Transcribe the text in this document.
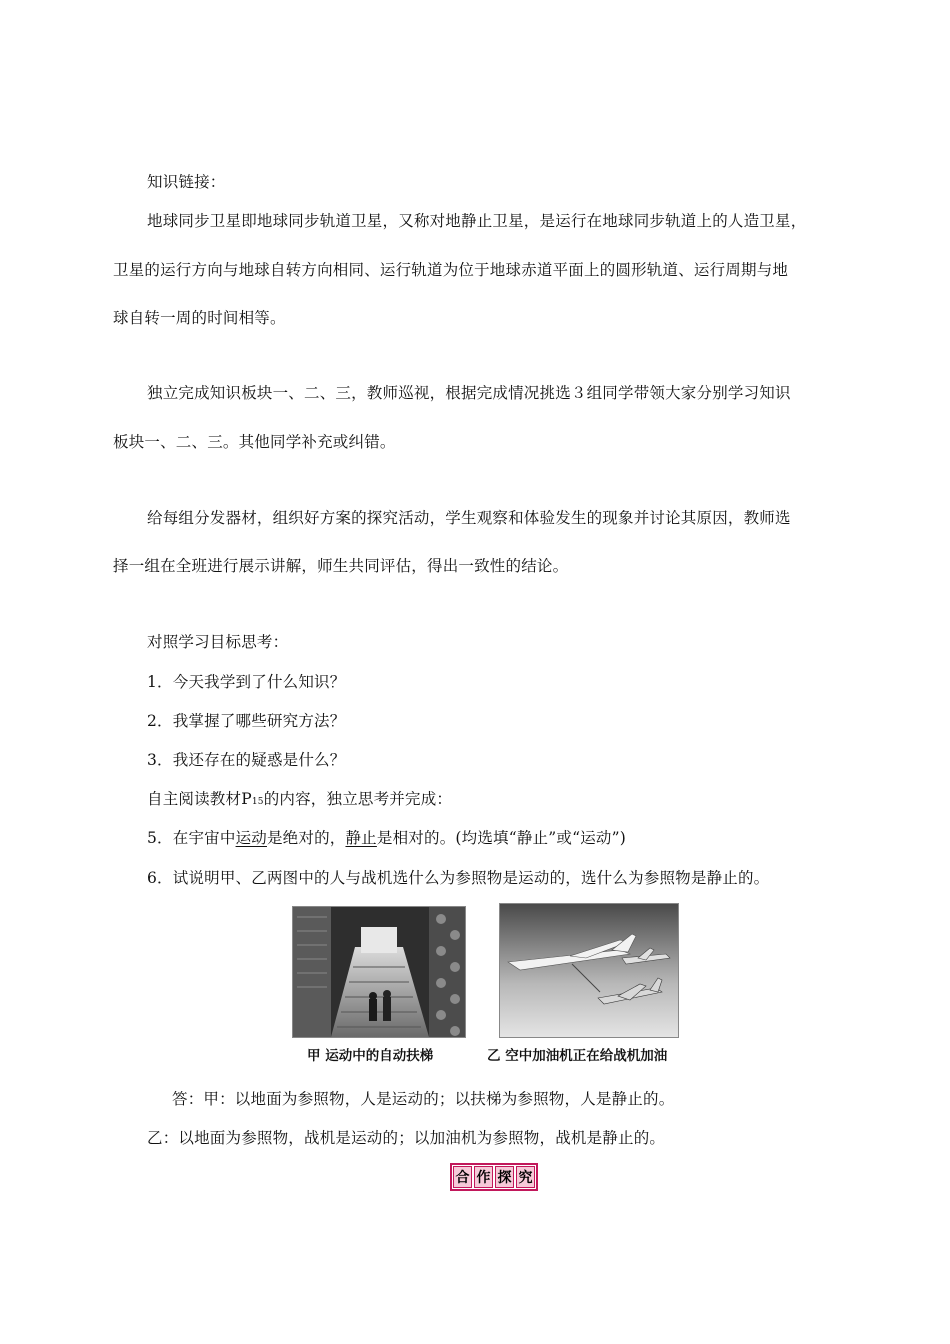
知识链接：
地球同步卫星即地球同步轨道卫星，又称对地静止卫星，是运行在地球同步轨道上的人造卫星，
卫星的运行方向与地球自转方向相同、运行轨道为位于地球赤道平面上的圆形轨道、运行周期与地
球自转一周的时间相等。
独立完成知识板块一、二、三，教师巡视，根据完成情况挑选３组同学带领大家分别学习知识
板块一、二、三。其他同学补充或纠错。
给每组分发器材，组织好方案的探究活动，学生观察和体验发生的现象并讨论其原因，教师选
择一组在全班进行展示讲解，师生共同评估，得出一致性的结论。
对照学习目标思考：
1．今天我学到了什么知识？
2．我掌握了哪些研究方法？
3．我还存在的疑惑是什么？
自主阅读教材P15的内容，独立思考并完成：
5．在宇宙中运动是绝对的，静止是相对的。(均选填“静止”或“运动”)
6．试说明甲、乙两图中的人与战机选什么为参照物是运动的，选什么为参照物是静止的。
甲 运动中的自动扶梯	乙 空中加油机正在给战机加油
答：甲：以地面为参照物，人是运动的；以扶梯为参照物，人是静止的。
乙：以地面为参照物，战机是运动的；以加油机为参照物，战机是静止的。
合 作 探 究
